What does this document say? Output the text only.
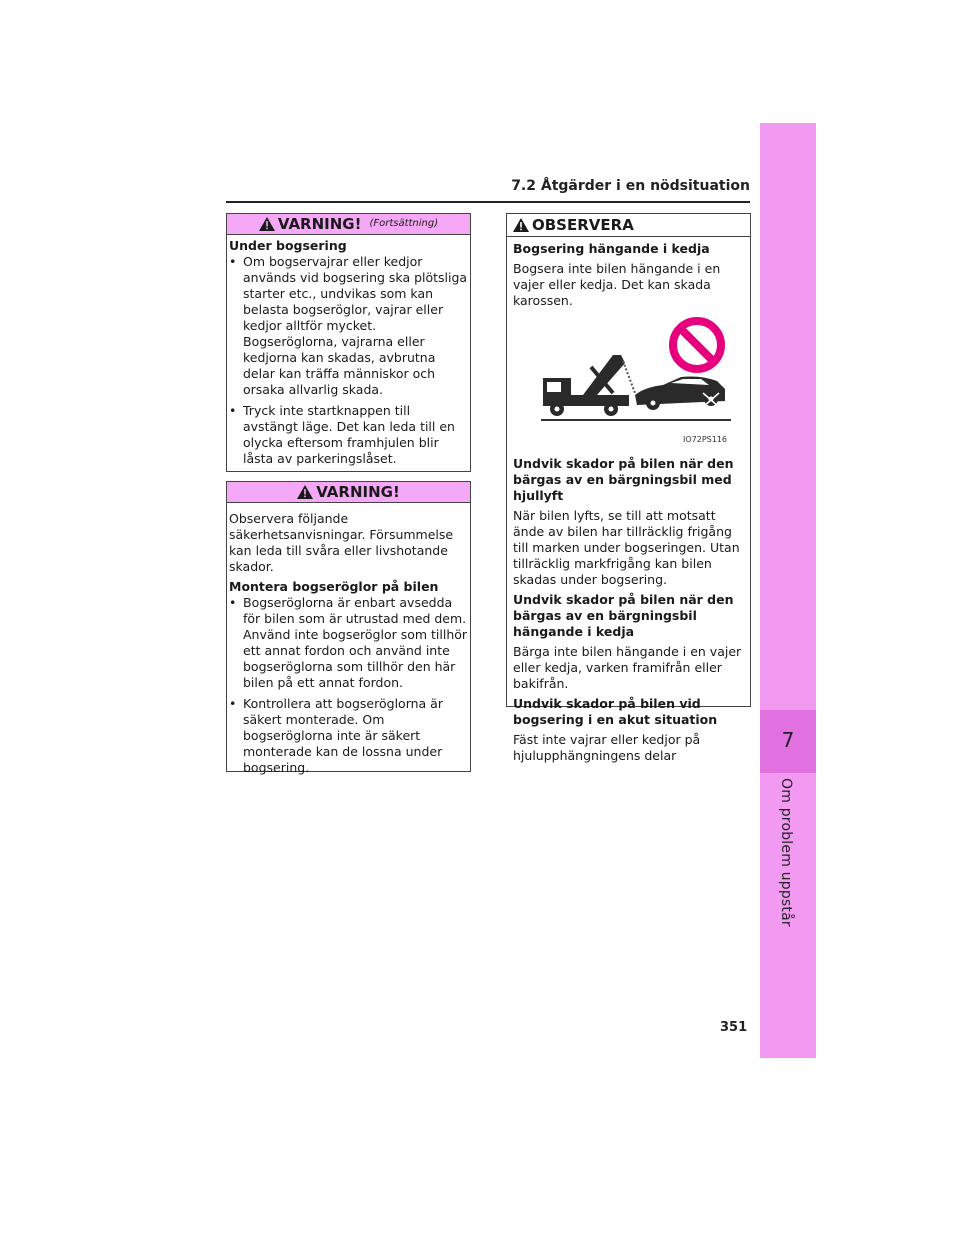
7
Om problem uppstår
7.2 Åtgärder i en nödsituation
VARNING! (Fortsättning)
Under bogsering
• Om bogservajrar eller kedjor används vid bogsering ska plötsliga starter etc., undvikas som kan belasta bogseröglor, vajrar eller kedjor alltför mycket. Bogseröglorna, vajrarna eller kedjorna kan skadas, avbrutna delar kan träffa människor och orsaka allvarlig skada.
• Tryck inte startknappen till avstängt läge. Det kan leda till en olycka eftersom framhjulen blir låsta av parkeringslåset.
VARNING!
Observera följande säkerhetsanvisningar. Försummelse kan leda till svåra eller livshotande skador.
Montera bogseröglor på bilen
• Bogseröglorna är enbart avsedda för bilen som är utrustad med dem. Använd inte bogseröglor som tillhör ett annat fordon och använd inte bogseröglorna som tillhör den här bilen på ett annat fordon.
• Kontrollera att bogseröglorna är säkert monterade. Om bogseröglorna inte är säkert monterade kan de lossna under bogsering.
OBSERVERA
Bogsering hängande i kedja
Bogsera inte bilen hängande i en vajer eller kedja. Det kan skada karossen.
IO72PS116
Undvik skador på bilen när den bärgas av en bärgningsbil med hjullyft
När bilen lyfts, se till att motsatt ände av bilen har tillräcklig frigång till marken under bogseringen. Utan tillräcklig markfrigång kan bilen skadas under bogsering.
Undvik skador på bilen när den bärgas av en bärgningsbil hängande i kedja
Bärga inte bilen hängande i en vajer eller kedja, varken framifrån eller bakifrån.
Undvik skador på bilen vid bogsering i en akut situation
Fäst inte vajrar eller kedjor på hjulupphängningens delar
351
